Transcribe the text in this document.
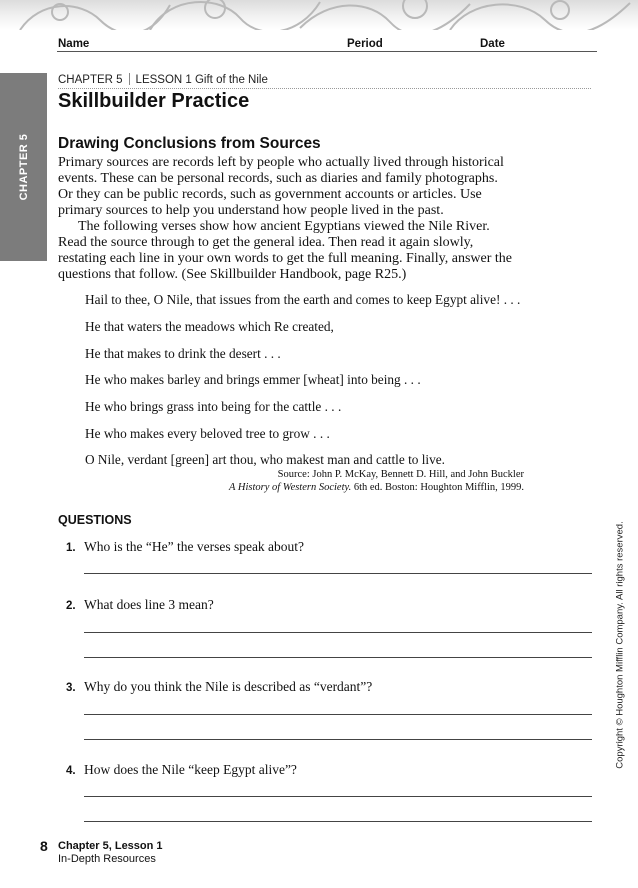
Name	Period	Date
CHAPTER 5
CHAPTER 5 LESSON 1 Gift of the Nile
Skillbuilder Practice
Drawing Conclusions from Sources

Primary sources are records left by people who actually lived through historical events. These can be personal records, such as diaries and family photographs. Or they can be public records, such as government accounts or articles. Use primary sources to help you understand how people lived in the past.

The following verses show how ancient Egyptians viewed the Nile River. Read the source through to get the general idea. Then read it again slowly, restating each line in your own words to get the full meaning. Finally, answer the questions that follow. (See Skillbuilder Handbook, page R25.)

Hail to thee, O Nile, that issues from the earth and comes to keep Egypt alive! . . .
He that waters the meadows which Re created,
He that makes to drink the desert . . .
He who makes barley and brings emmer [wheat] into being . . .
He who brings grass into being for the cattle . . .
He who makes every beloved tree to grow . . .
O Nile, verdant [green] art thou, who makest man and cattle to live.
Source: John P. McKay, Bennett D. Hill, and John Buckler
A History of Western Society. 6th ed. Boston: Houghton Mifflin, 1999.
QUESTIONS
1. Who is the “He” the verses speak about?
2. What does line 3 mean?
3. Why do you think the Nile is described as “verdant”?
4. How does the Nile “keep Egypt alive”?
Copyright © Houghton Mifflin Company. All rights reserved.
8 Chapter 5, Lesson 1
In-Depth Resources
